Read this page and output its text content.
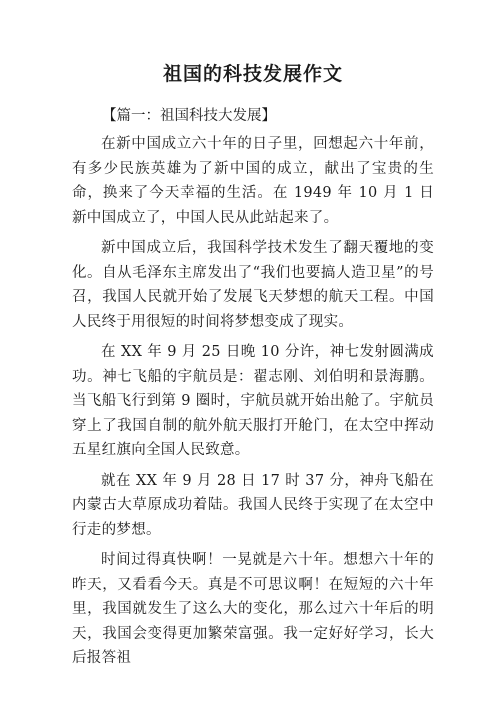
祖国的科技发展作文
【篇一：祖国科技大发展】

在新中国成立六十年的日子里，回想起六十年前，有多少民族英雄为了新中国的成立，献出了宝贵的生命，换来了今天幸福的生活。在 1949 年 10 月 1 日新中国成立了，中国人民从此站起来了。

新中国成立后，我国科学技术发生了翻天覆地的变化。自从毛泽东主席发出了“我们也要搞人造卫星”的号召，我国人民就开始了发展飞天梦想的航天工程。中国人民终于用很短的时间将梦想变成了现实。

在 XX 年 9 月 25 日晚 10 分许，神七发射圆满成功。神七飞船的宇航员是：翟志刚、刘伯明和景海鹏。当飞船飞行到第 9 圈时，宇航员就开始出舱了。宇航员穿上了我国自制的航外航天服打开舱门，在太空中挥动五星红旗向全国人民致意。

就在 XX 年 9 月 28 日 17 时 37 分，神舟飞船在内蒙古大草原成功着陆。我国人民终于实现了在太空中行走的梦想。

时间过得真快啊！一晃就是六十年。想想六十年的昨天，又看看今天。真是不可思议啊！在短短的六十年里，我国就发生了这么大的变化，那么过六十年后的明天，我国会变得更加繁荣富强。我一定好好学习，长大后报答祖
